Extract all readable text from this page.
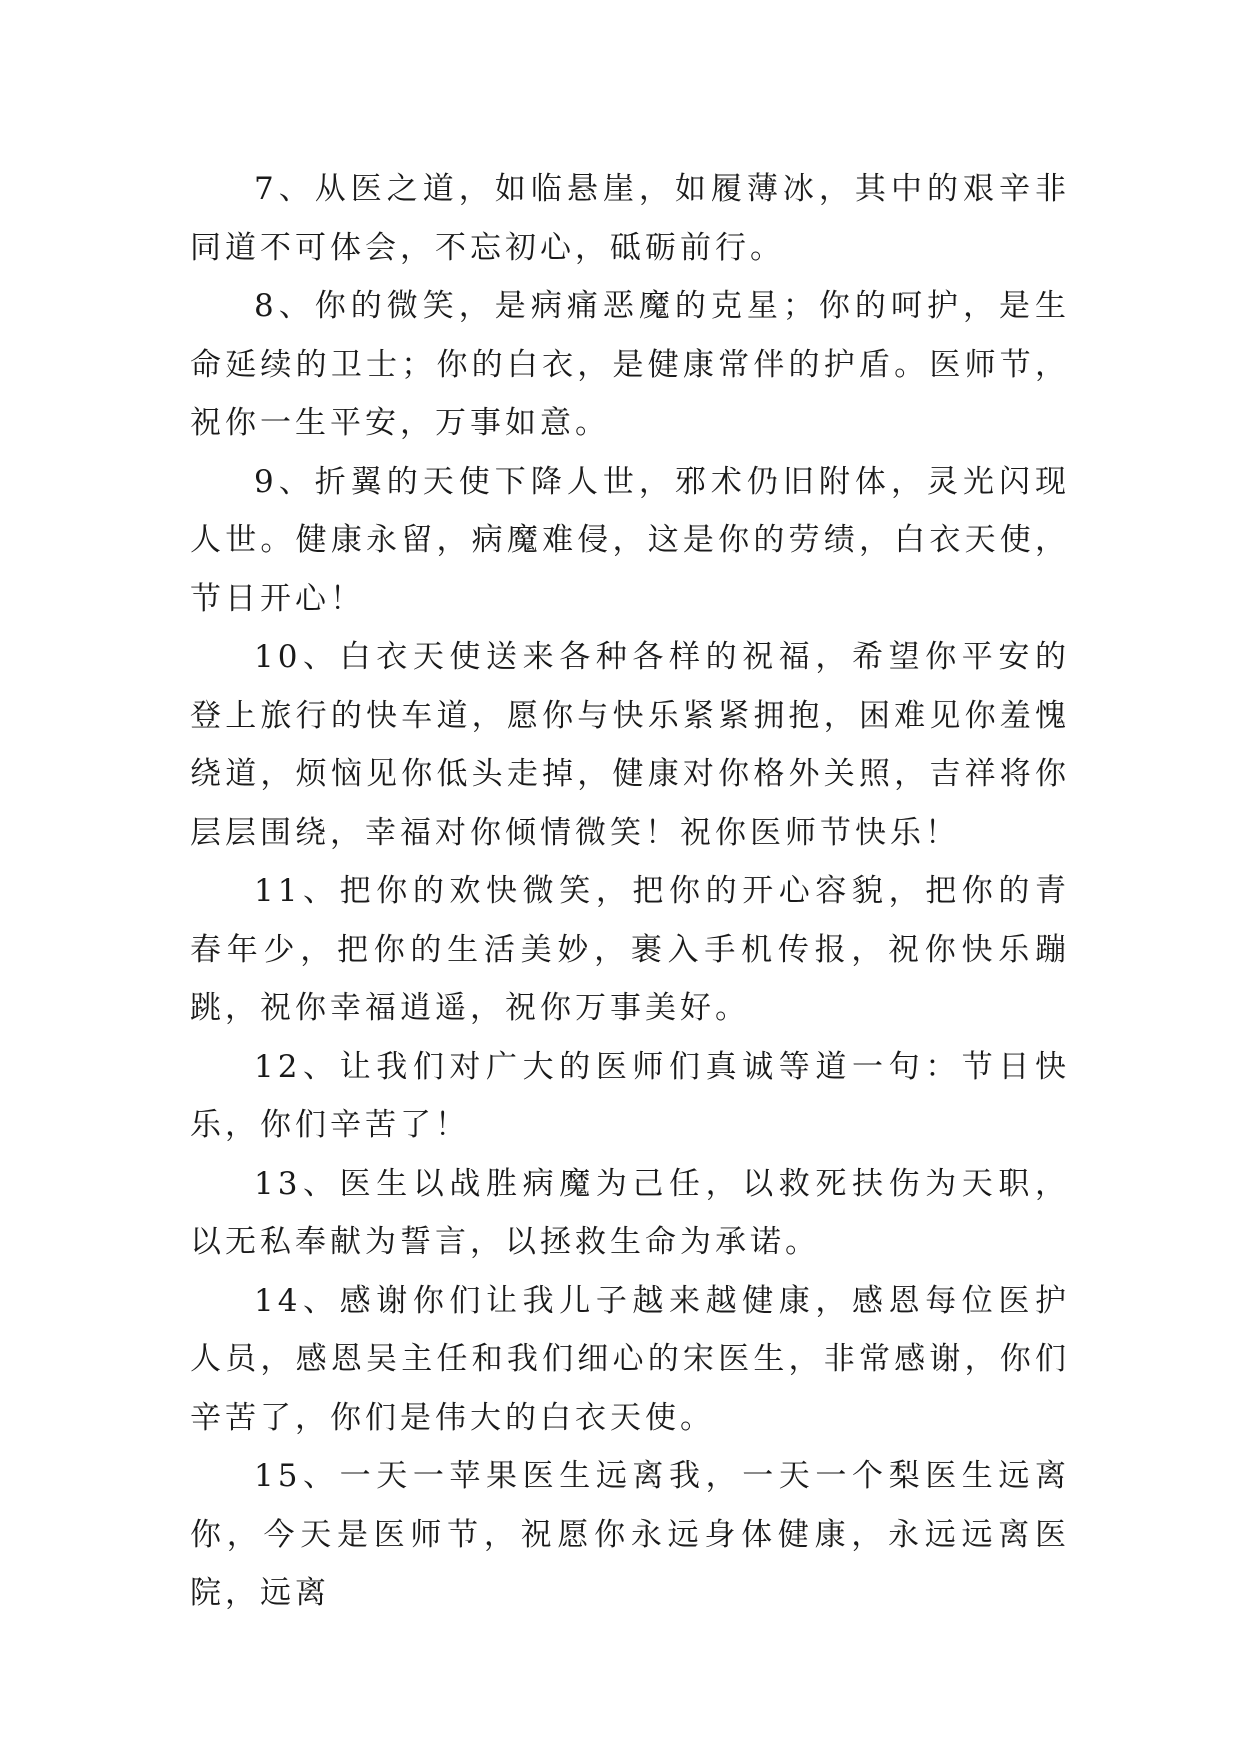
7、从医之道，如临悬崖，如履薄冰，其中的艰辛非同道不可体会，不忘初心，砥砺前行。

8、你的微笑，是病痛恶魔的克星；你的呵护，是生命延续的卫士；你的白衣，是健康常伴的护盾。医师节，祝你一生平安，万事如意。

9、折翼的天使下降人世，邪术仍旧附体，灵光闪现人世。健康永留，病魔难侵，这是你的劳绩，白衣天使，节日开心！

10、白衣天使送来各种各样的祝福，希望你平安的登上旅行的快车道，愿你与快乐紧紧拥抱，困难见你羞愧绕道，烦恼见你低头走掉，健康对你格外关照，吉祥将你层层围绕，幸福对你倾情微笑！祝你医师节快乐！

11、把你的欢快微笑，把你的开心容貌，把你的青春年少，把你的生活美妙，裹入手机传报，祝你快乐蹦跳，祝你幸福逍遥，祝你万事美好。

12、让我们对广大的医师们真诚等道一句：节日快乐，你们辛苦了！

13、医生以战胜病魔为己任，以救死扶伤为天职，以无私奉献为誓言，以拯救生命为承诺。

14、感谢你们让我儿子越来越健康，感恩每位医护人员，感恩吴主任和我们细心的宋医生，非常感谢，你们辛苦了，你们是伟大的白衣天使。

15、一天一苹果医生远离我，一天一个梨医生远离你，今天是医师节，祝愿你永远身体健康，永远远离医院，远离
